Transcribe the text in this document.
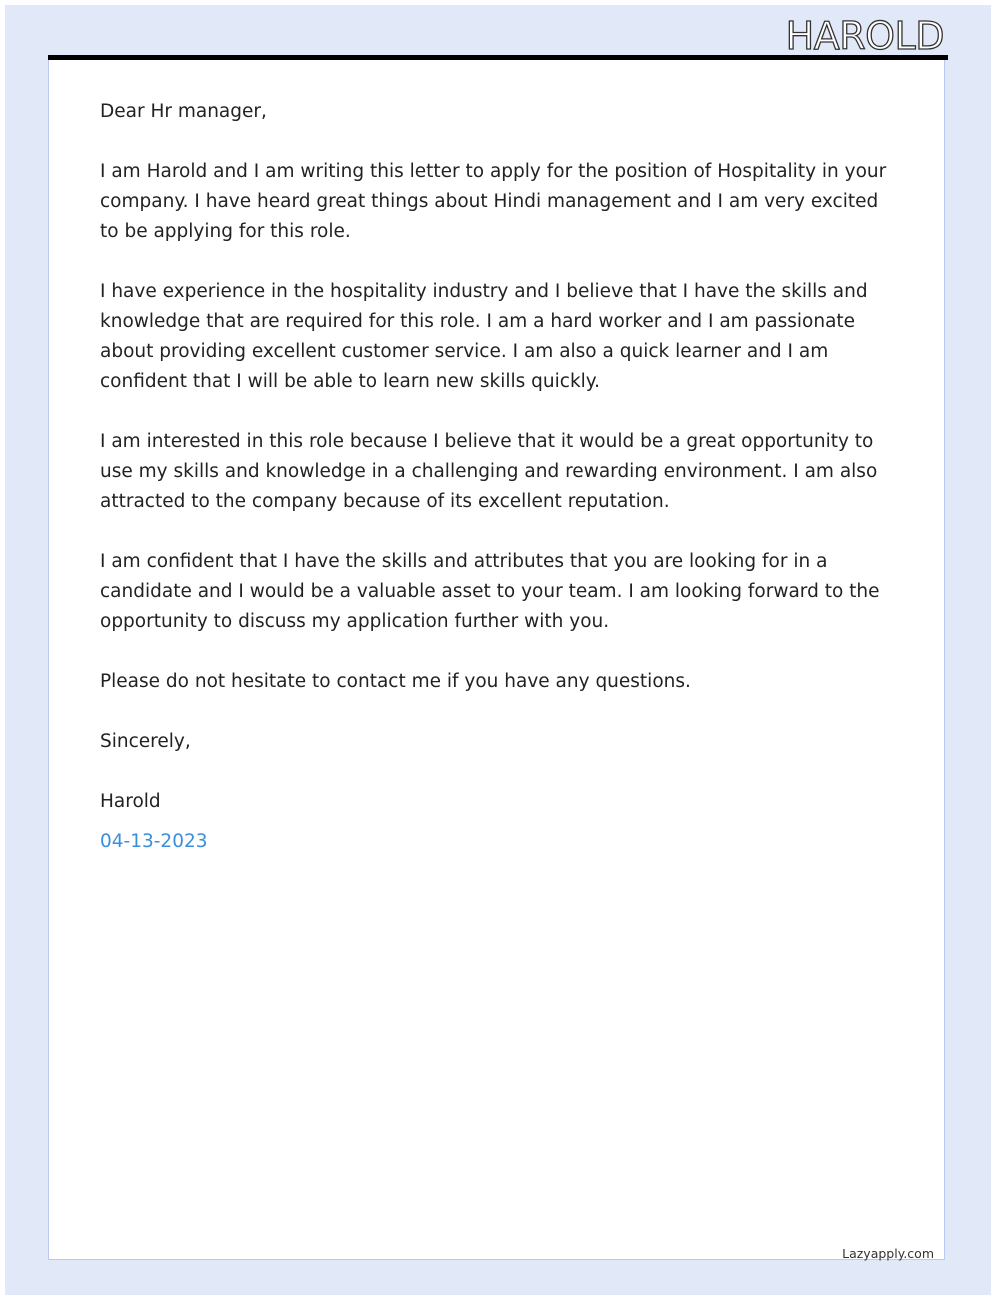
HAROLD

Dear Hr manager,

I am Harold and I am writing this letter to apply for the position of Hospitality in your company. I have heard great things about Hindi management and I am very excited to be applying for this role.

I have experience in the hospitality industry and I believe that I have the skills and knowledge that are required for this role. I am a hard worker and I am passionate about providing excellent customer service. I am also a quick learner and I am confident that I will be able to learn new skills quickly.

I am interested in this role because I believe that it would be a great opportunity to use my skills and knowledge in a challenging and rewarding environment. I am also attracted to the company because of its excellent reputation.

I am confident that I have the skills and attributes that you are looking for in a candidate and I would be a valuable asset to your team. I am looking forward to the opportunity to discuss my application further with you.

Please do not hesitate to contact me if you have any questions.

Sincerely,

Harold

04-13-2023

Lazyapply.com
